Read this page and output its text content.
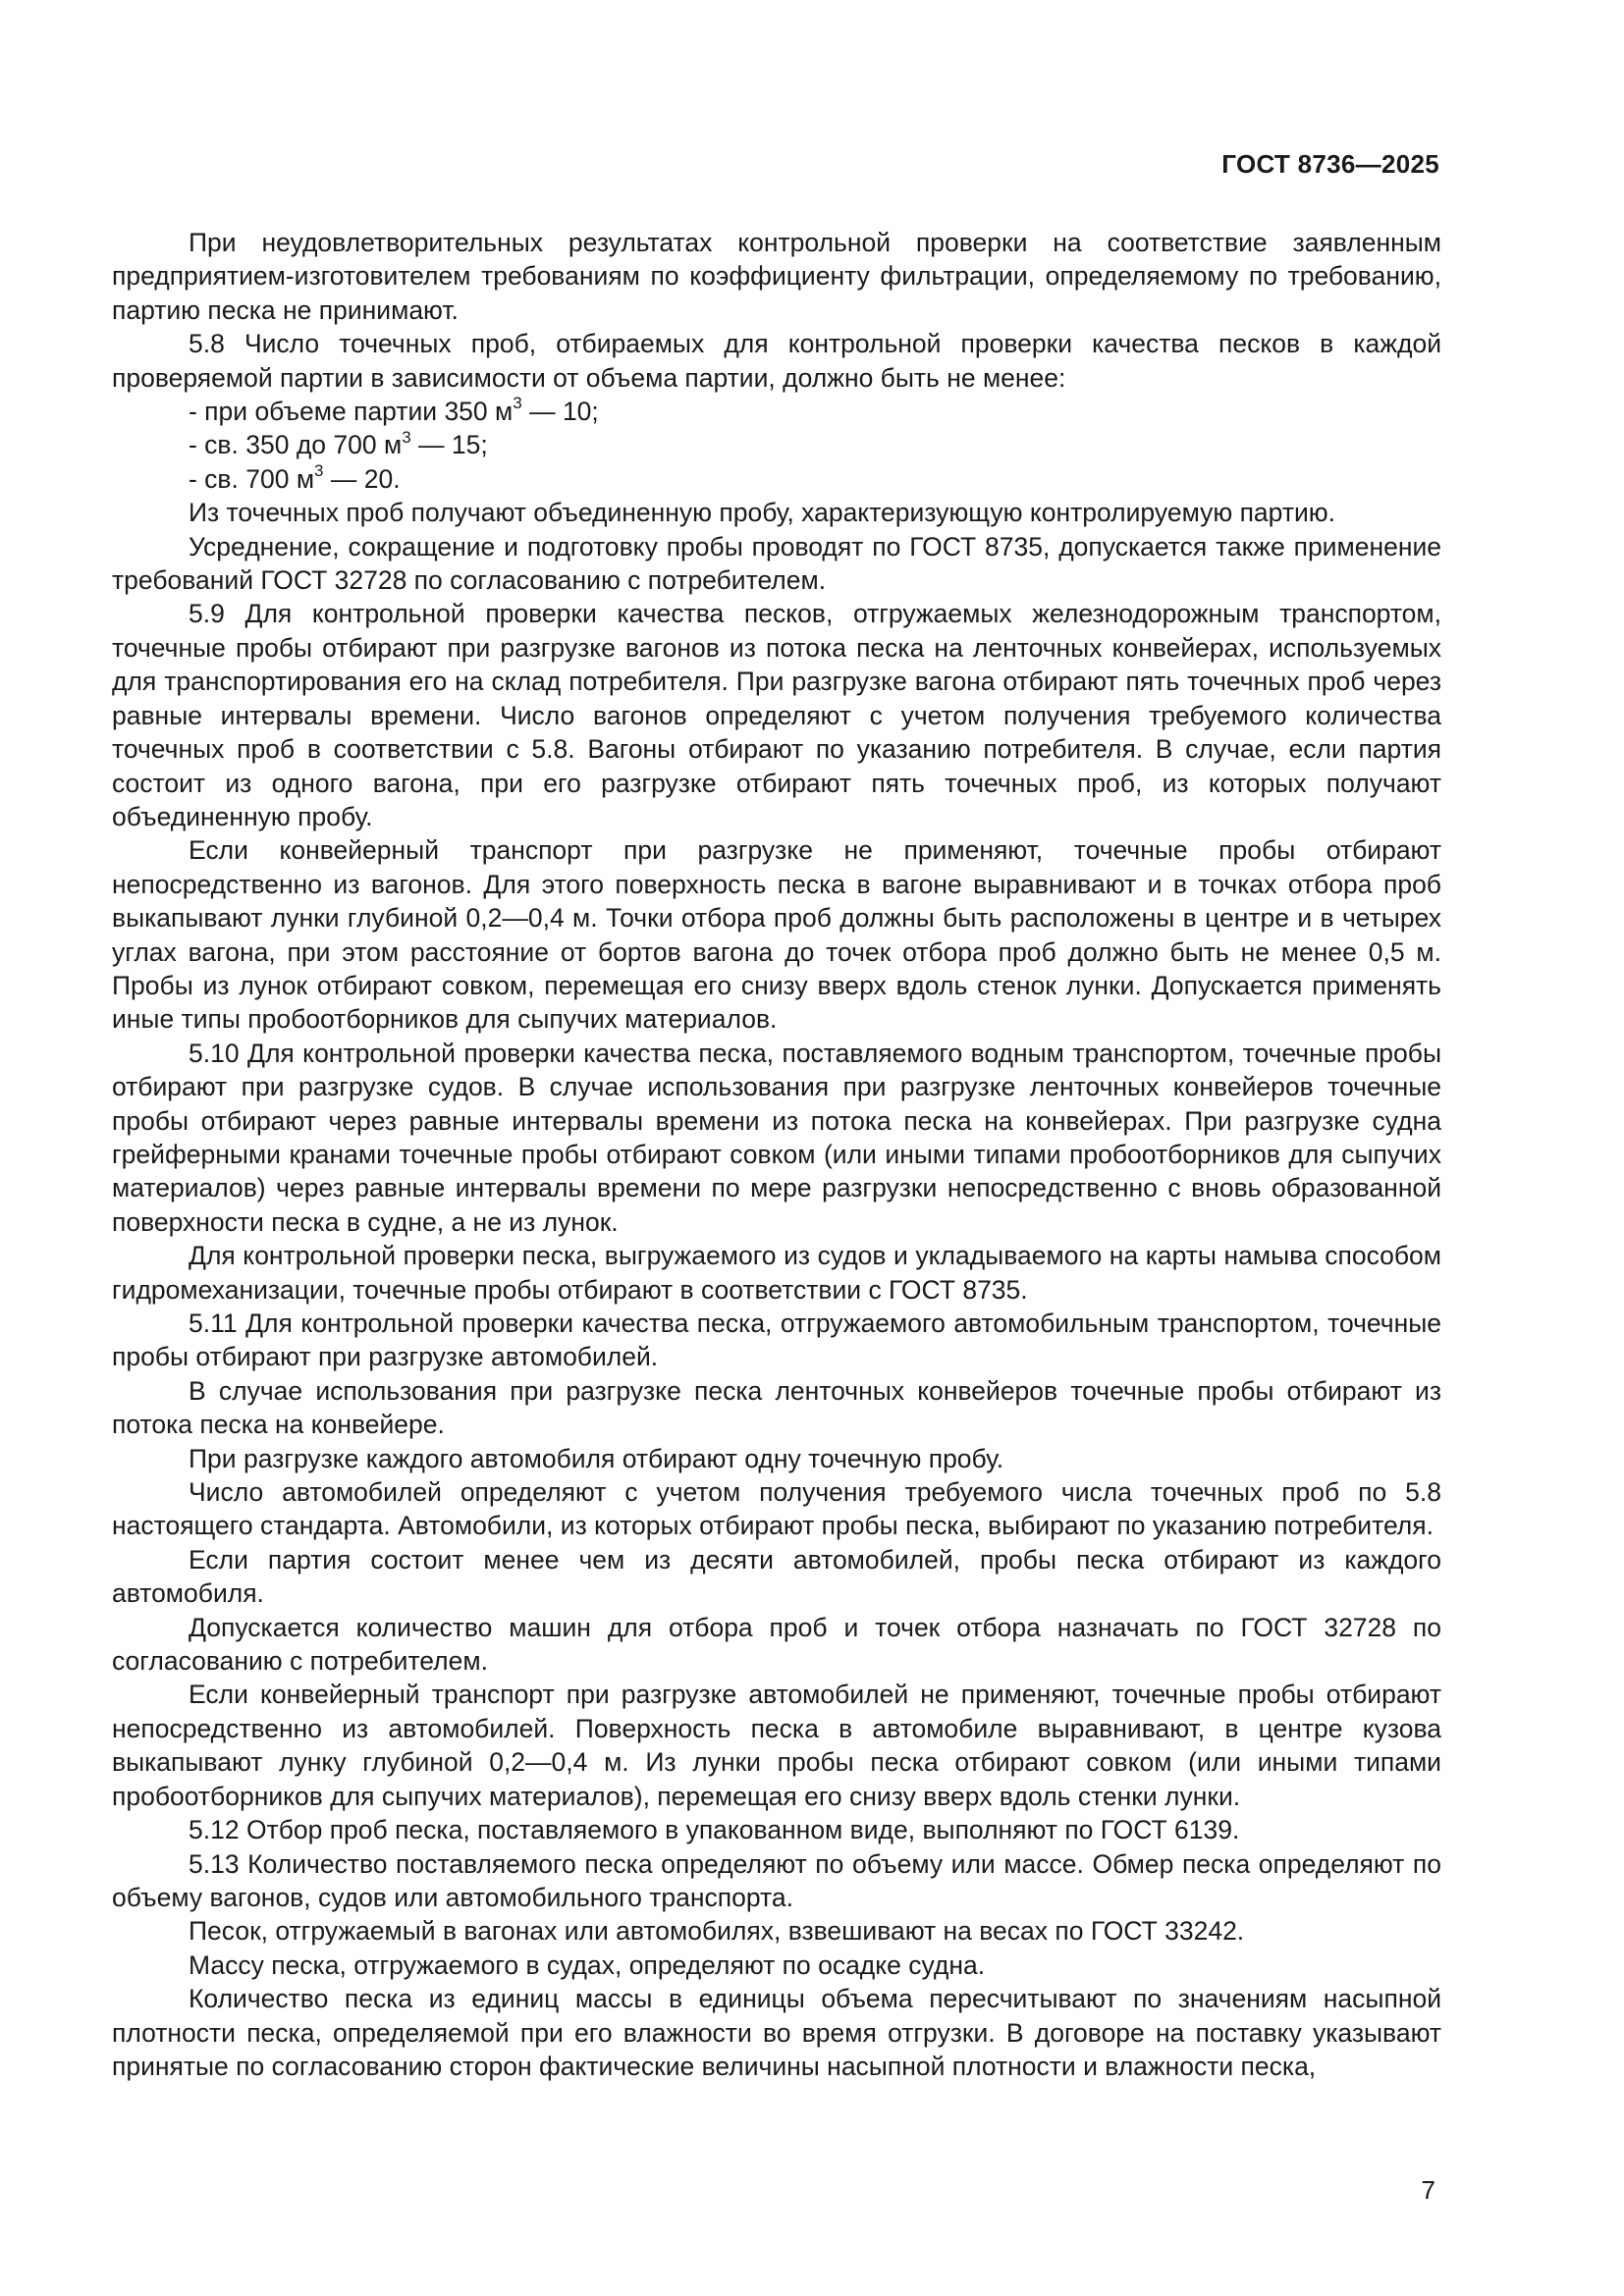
ГОСТ 8736—2025

При неудовлетворительных результатах контрольной проверки на соответствие заявленным предприятием-изготовителем требованиям по коэффициенту фильтрации, определяемому по требованию, партию песка не принимают.

5.8 Число точечных проб, отбираемых для контрольной проверки качества песков в каждой проверяемой партии в зависимости от объема партии, должно быть не менее:

- при объеме партии 350 $м^3$ — 10;
- св. 350 до 700 $м^3$ — 15;
- св. 700 $м^3$ — 20.

Из точечных проб получают объединенную пробу, характеризующую контролируемую партию.

Усреднение, сокращение и подготовку пробы проводят по ГОСТ 8735, допускается также применение требований ГОСТ 32728 по согласованию с потребителем.

5.9 Для контрольной проверки качества песков, отгружаемых железнодорожным транспортом, точечные пробы отбирают при разгрузке вагонов из потока песка на ленточных конвейерах, используемых для транспортирования его на склад потребителя. При разгрузке вагона отбирают пять точечных проб через равные интервалы времени. Число вагонов определяют с учетом получения требуемого количества точечных проб в соответствии с 5.8. Вагоны отбирают по указанию потребителя. В случае, если партия состоит из одного вагона, при его разгрузке отбирают пять точечных проб, из которых получают объединенную пробу.

Если конвейерный транспорт при разгрузке не применяют, точечные пробы отбирают непосредственно из вагонов. Для этого поверхность песка в вагоне выравнивают и в точках отбора проб выкапывают лунки глубиной 0,2—0,4 м. Точки отбора проб должны быть расположены в центре и в четырех углах вагона, при этом расстояние от бортов вагона до точек отбора проб должно быть не менее 0,5 м. Пробы из лунок отбирают совком, перемещая его снизу вверх вдоль стенок лунки. Допускается применять иные типы пробоотборников для сыпучих материалов.

5.10 Для контрольной проверки качества песка, поставляемого водным транспортом, точечные пробы отбирают при разгрузке судов. В случае использования при разгрузке ленточных конвейеров точечные пробы отбирают через равные интервалы времени из потока песка на конвейерах. При разгрузке судна грейферными кранами точечные пробы отбирают совком (или иными типами пробоотборников для сыпучих материалов) через равные интервалы времени по мере разгрузки непосредственно с вновь образованной поверхности песка в судне, а не из лунок.

Для контрольной проверки песка, выгружаемого из судов и укладываемого на карты намыва способом гидромеханизации, точечные пробы отбирают в соответствии с ГОСТ 8735.

5.11 Для контрольной проверки качества песка, отгружаемого автомобильным транспортом, точечные пробы отбирают при разгрузке автомобилей.

В случае использования при разгрузке песка ленточных конвейеров точечные пробы отбирают из потока песка на конвейере.

При разгрузке каждого автомобиля отбирают одну точечную пробу.

Число автомобилей определяют с учетом получения требуемого числа точечных проб по 5.8 настоящего стандарта. Автомобили, из которых отбирают пробы песка, выбирают по указанию потребителя.

Если партия состоит менее чем из десяти автомобилей, пробы песка отбирают из каждого автомобиля.

Допускается количество машин для отбора проб и точек отбора назначать по ГОСТ 32728 по согласованию с потребителем.

Если конвейерный транспорт при разгрузке автомобилей не применяют, точечные пробы отбирают непосредственно из автомобилей. Поверхность песка в автомобиле выравнивают, в центре кузова выкапывают лунку глубиной 0,2—0,4 м. Из лунки пробы песка отбирают совком (или иными типами пробоотборников для сыпучих материалов), перемещая его снизу вверх вдоль стенки лунки.

5.12 Отбор проб песка, поставляемого в упакованном виде, выполняют по ГОСТ 6139.

5.13 Количество поставляемого песка определяют по объему или массе. Обмер песка определяют по объему вагонов, судов или автомобильного транспорта.

Песок, отгружаемый в вагонах или автомобилях, взвешивают на весах по ГОСТ 33242.

Массу песка, отгружаемого в судах, определяют по осадке судна.

Количество песка из единиц массы в единицы объема пересчитывают по значениям насыпной плотности песка, определяемой при его влажности во время отгрузки. В договоре на поставку указывают принятые по согласованию сторон фактические величины насыпной плотности и влажности песка,

7
